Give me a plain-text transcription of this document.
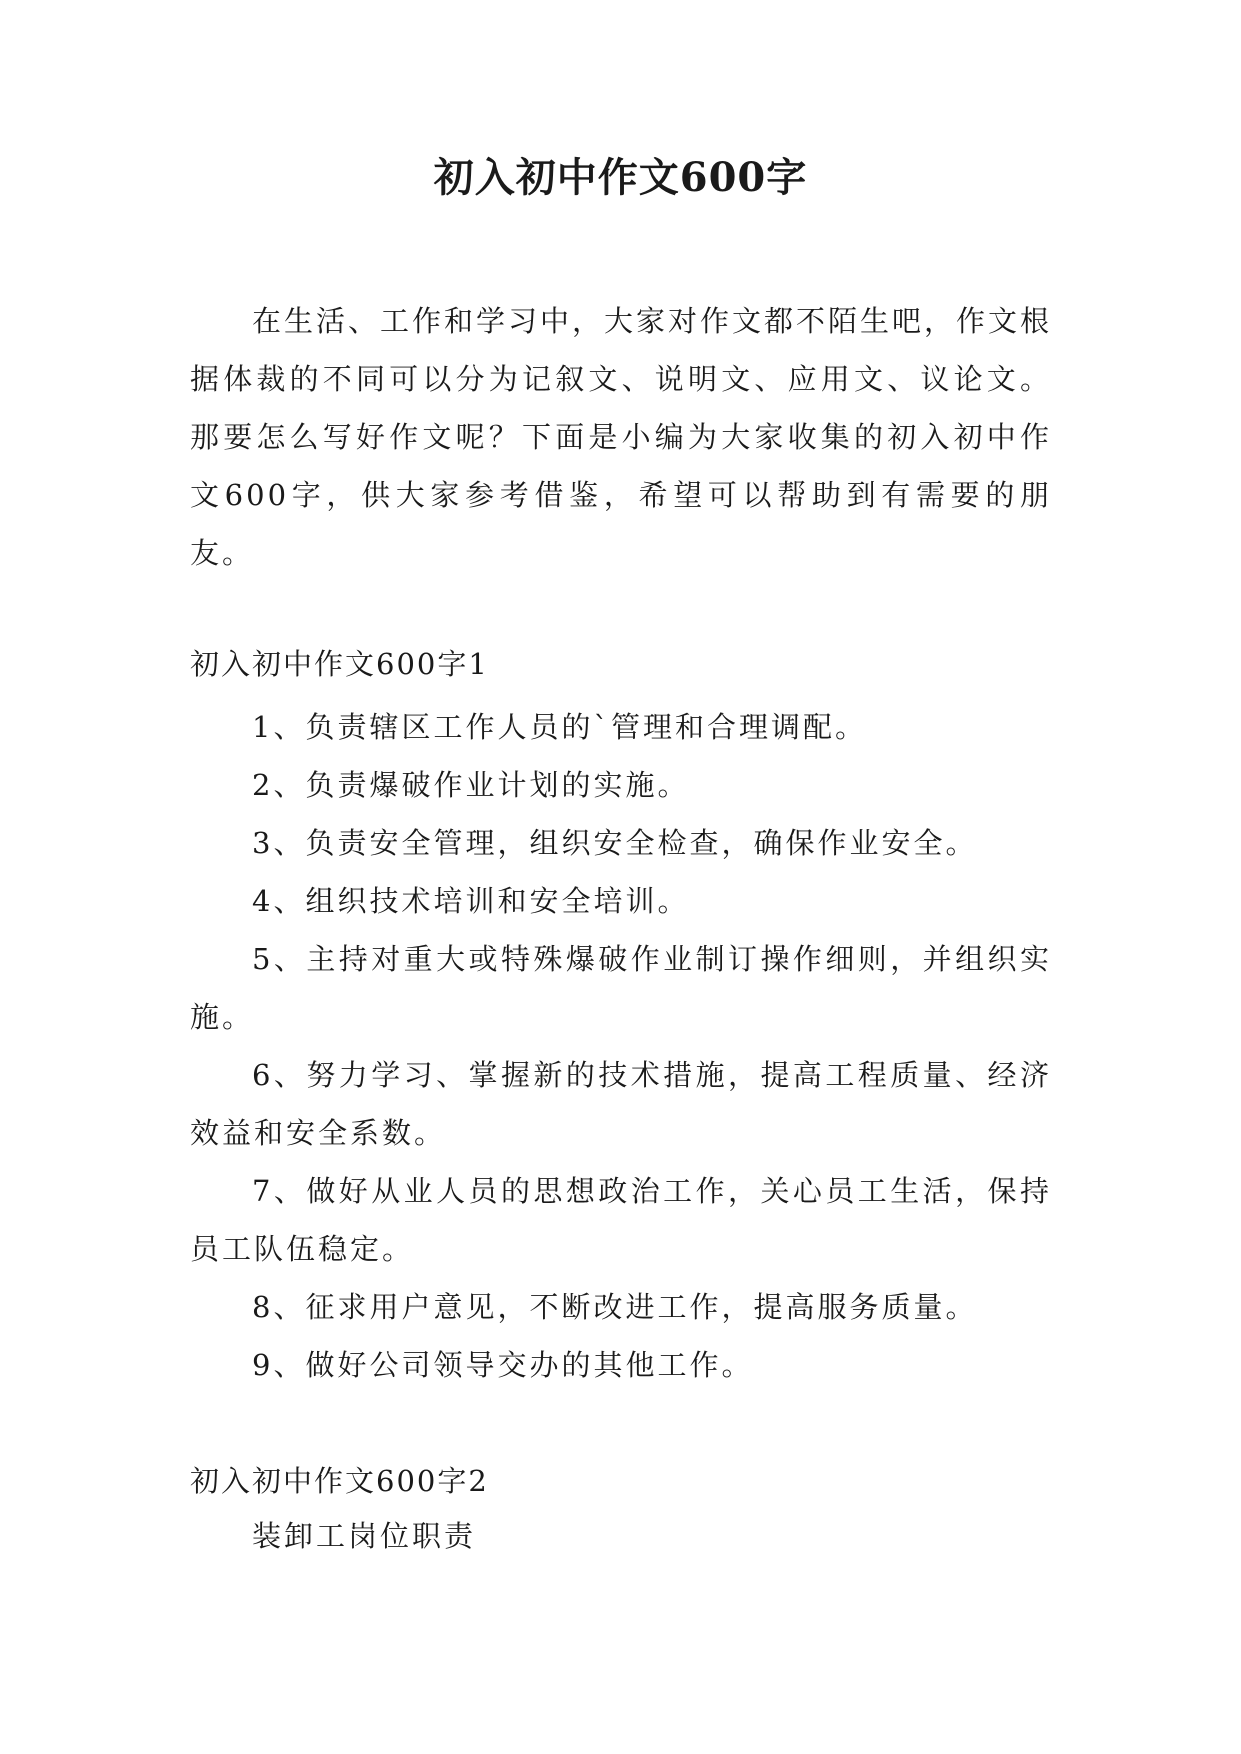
初入初中作文600字

在生活、工作和学习中，大家对作文都不陌生吧，作文根据体裁的不同可以分为记叙文、说明文、应用文、议论文。那要怎么写好作文呢？下面是小编为大家收集的初入初中作文600字，供大家参考借鉴，希望可以帮助到有需要的朋友。

初入初中作文600字1

1、负责辖区工作人员的`管理和合理调配。
2、负责爆破作业计划的实施。
3、负责安全管理，组织安全检查，确保作业安全。
4、组织技术培训和安全培训。
5、主持对重大或特殊爆破作业制订操作细则，并组织实施。
6、努力学习、掌握新的技术措施，提高工程质量、经济效益和安全系数。
7、做好从业人员的思想政治工作，关心员工生活，保持员工队伍稳定。
8、征求用户意见，不断改进工作，提高服务质量。
9、做好公司领导交办的其他工作。

初入初中作文600字2

装卸工岗位职责
